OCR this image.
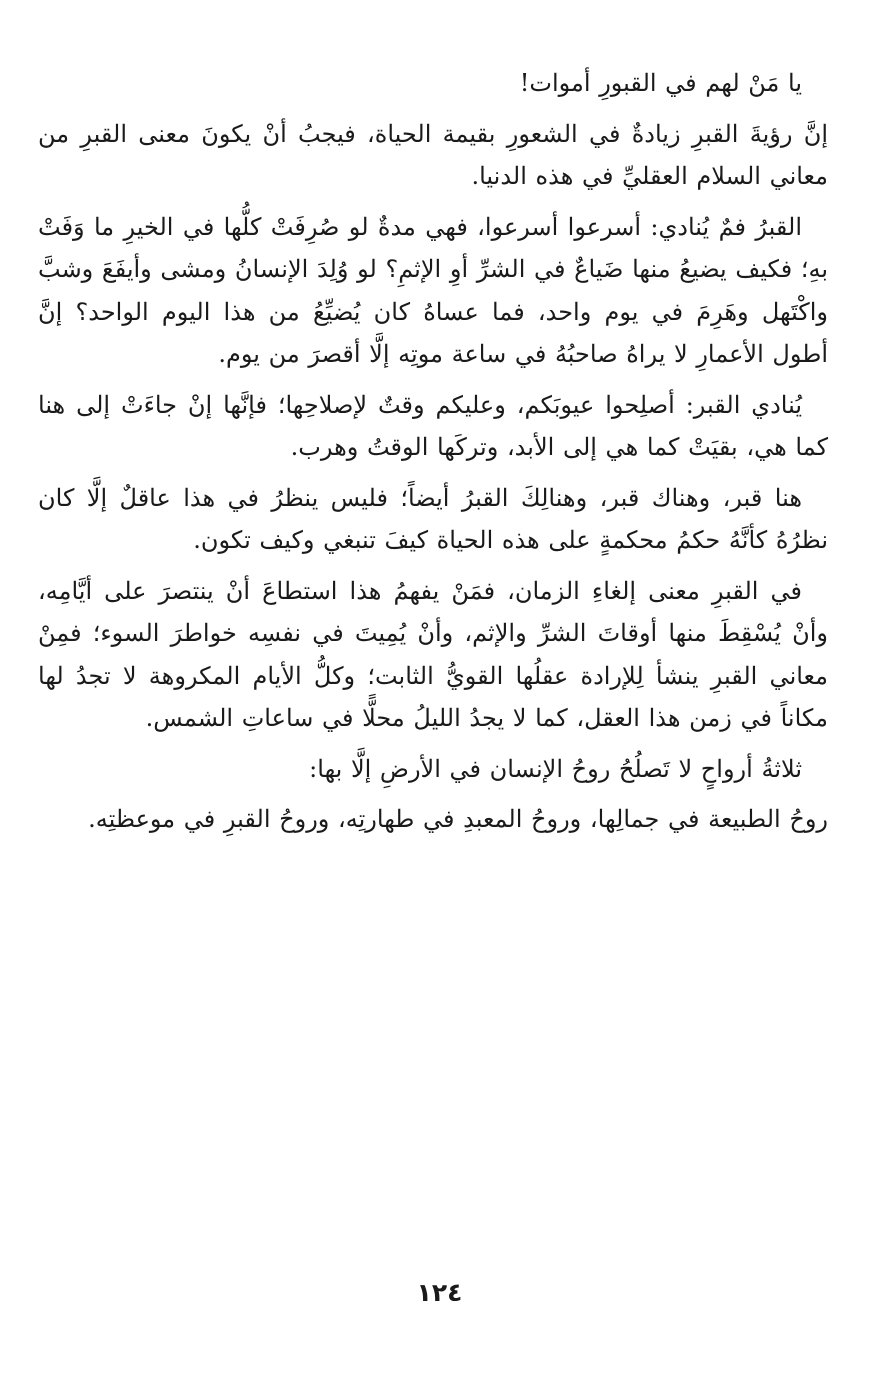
يا مَنْ لهم في القبورِ أموات!

إنَّ رؤيةَ القبرِ زيادةٌ في الشعورِ بقيمة الحياة، فيجبُ أنْ يكونَ معنى القبرِ من معاني السلام العقليِّ في هذه الدنيا.

القبرُ فمٌ يُنادي: أسرعوا أسرعوا، فهي مدةٌ لو صُرِفَتْ كلُّها في الخيرِ ما وَفَتْ بهِ؛ فكيف يضيعُ منها ضَياعٌ في الشرِّ أوِ الإثمِ؟ لو وُلِدَ الإنسانُ ومشى وأيفَعَ وشبَّ واكْتَهل وهَرِمَ في يوم واحد، فما عساهُ كان يُضيِّعُ من هذا اليوم الواحد؟ إنَّ أطول الأعمارِ لا يراهُ صاحبُهُ في ساعة موتِه إلَّا أقصرَ من يوم.

يُنادي القبر: أصلِحوا عيوبَكم، وعليكم وقتٌ لإصلاحِها؛ فإنَّها إنْ جاءَتْ إلى هنا كما هي، بقيَتْ كما هي إلى الأبد، وتركَها الوقتُ وهرب.

هنا قبر، وهناك قبر، وهنالِكَ القبرُ أيضاً؛ فليس ينظرُ في هذا عاقلٌ إلَّا كان نظرُهُ كأنَّهُ حكمُ محكمةٍ على هذه الحياة كيفَ تنبغي وكيف تكون.

في القبرِ معنى إلغاءِ الزمان، فمَنْ يفهمُ هذا استطاعَ أنْ ينتصرَ على أيَّامِه، وأنْ يُسْقِطَ منها أوقاتَ الشرِّ والإثم، وأنْ يُمِيتَ في نفسِه خواطرَ السوء؛ فمِنْ معاني القبرِ ينشأ لِلإرادة عقلُها القويُّ الثابت؛ وكلُّ الأيام المكروهة لا تجدُ لها مكاناً في زمن هذا العقل، كما لا يجدُ الليلُ محلًّا في ساعاتِ الشمس.

ثلاثةُ أرواحٍ لا تَصلُحُ روحُ الإنسان في الأرضِ إلَّا بها:

روحُ الطبيعة في جمالِها، وروحُ المعبدِ في طهارتِه، وروحُ القبرِ في موعظتِه.

١٢٤
